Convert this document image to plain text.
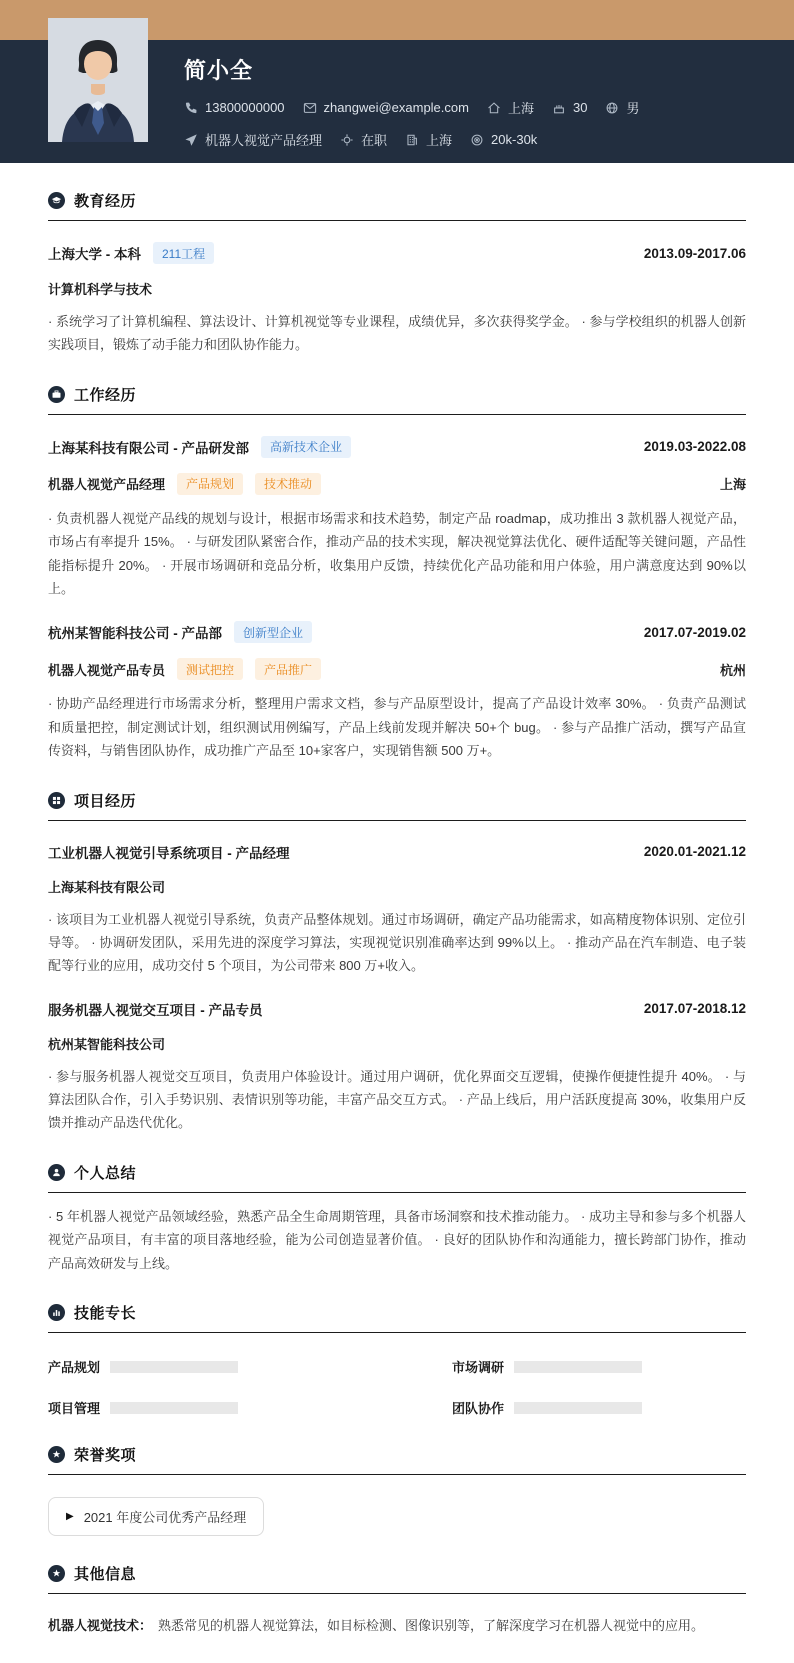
简小全
13800000000	zhangwei@example.com	上海	30	男
机器人视觉产品经理	在职	上海	20k-30k
教育经历
上海大学 - 本科	211工程	2013.09-2017.06
计算机科学与技术

· 系统学习了计算机编程、算法设计、计算机视觉等专业课程，成绩优异，多次获得奖学金。 · 参与学校组织的机器人创新实践项目，锻炼了动手能力和团队协作能力。

工作经历
上海某科技有限公司 - 产品研发部	高新技术企业	2019.03-2022.08
机器人视觉产品经理	产品规划	技术推动	上海

· 负责机器人视觉产品线的规划与设计，根据市场需求和技术趋势，制定产品 roadmap，成功推出 3 款机器人视觉产品，市场占有率提升 15%。 · 与研发团队紧密合作，推动产品的技术实现，解决视觉算法优化、硬件适配等关键问题，产品性能指标提升 20%。 · 开展市场调研和竞品分析，收集用户反馈，持续优化产品功能和用户体验，用户满意度达到 90%以上。

杭州某智能科技公司 - 产品部	创新型企业	2017.07-2019.02
机器人视觉产品专员	测试把控	产品推广	杭州

· 协助产品经理进行市场需求分析，整理用户需求文档，参与产品原型设计，提高了产品设计效率 30%。 · 负责产品测试和质量把控，制定测试计划，组织测试用例编写，产品上线前发现并解决 50+个 bug。 · 参与产品推广活动，撰写产品宣传资料，与销售团队协作，成功推广产品至 10+家客户，实现销售额 500 万+。

项目经历
工业机器人视觉引导系统项目 - 产品经理	2020.01-2021.12
上海某科技有限公司

· 该项目为工业机器人视觉引导系统，负责产品整体规划。通过市场调研，确定产品功能需求，如高精度物体识别、定位引导等。 · 协调研发团队，采用先进的深度学习算法，实现视觉识别准确率达到 99%以上。 · 推动产品在汽车制造、电子装配等行业的应用，成功交付 5 个项目，为公司带来 800 万+收入。

服务机器人视觉交互项目 - 产品专员	2017.07-2018.12
杭州某智能科技公司

· 参与服务机器人视觉交互项目，负责用户体验设计。通过用户调研，优化界面交互逻辑，使操作便捷性提升 40%。 · 与算法团队合作，引入手势识别、表情识别等功能，丰富产品交互方式。 · 产品上线后，用户活跃度提高 30%，收集用户反馈并推动产品迭代优化。

个人总结

· 5 年机器人视觉产品领域经验，熟悉产品全生命周期管理，具备市场洞察和技术推动能力。 · 成功主导和参与多个机器人视觉产品项目，有丰富的项目落地经验，能为公司创造显著价值。 · 良好的团队协作和沟通能力，擅长跨部门协作，推动产品高效研发与上线。

技能专长
产品规划	市场调研
项目管理	团队协作
荣誉奖项
▶ 2021 年度公司优秀产品经理
其他信息

机器人视觉技术： 熟悉常见的机器人视觉算法，如目标检测、图像识别等，了解深度学习在机器人视觉中的应用。
